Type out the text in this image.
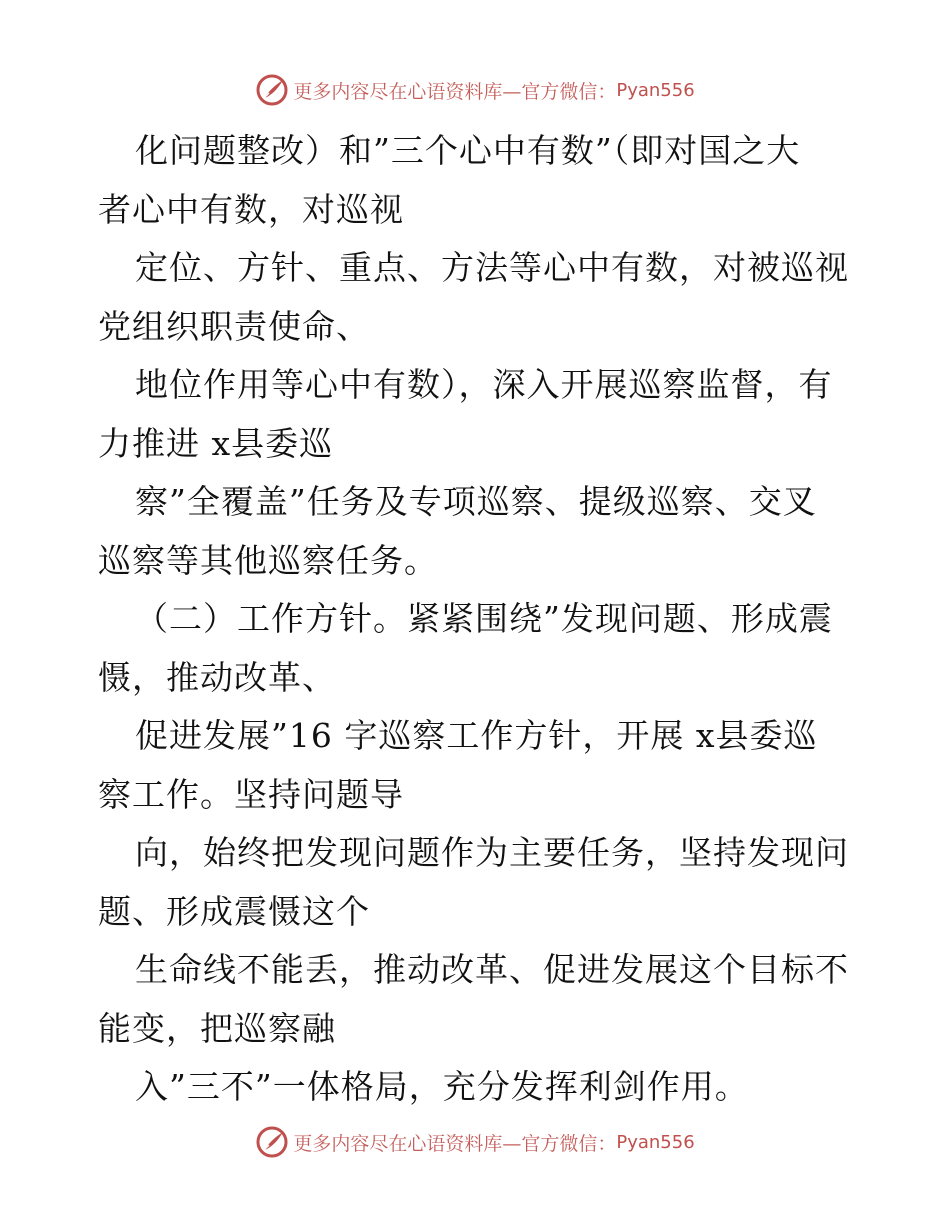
更多内容尽在心语资料库—官方微信： Pyan556
化问题整改）和”三个心中有数”（即对国之大
者心中有数，对巡视
定位、方针、重点、方法等心中有数，对被巡视
党组织职责使命、
地位作用等心中有数），深入开展巡察监督，有
力推进 x县委巡
察”全覆盖”任务及专项巡察、提级巡察、交叉
巡察等其他巡察任务。
（二）工作方针。紧紧围绕”发现问题、形成震
慑，推动改革、
促进发展”16 字巡察工作方针，开展 x县委巡
察工作。坚持问题导
向，始终把发现问题作为主要任务，坚持发现问
题、形成震慑这个
生命线不能丢，推动改革、促进发展这个目标不
能变，把巡察融
入”三不”一体格局，充分发挥利剑作用。
更多内容尽在心语资料库—官方微信： Pyan556
